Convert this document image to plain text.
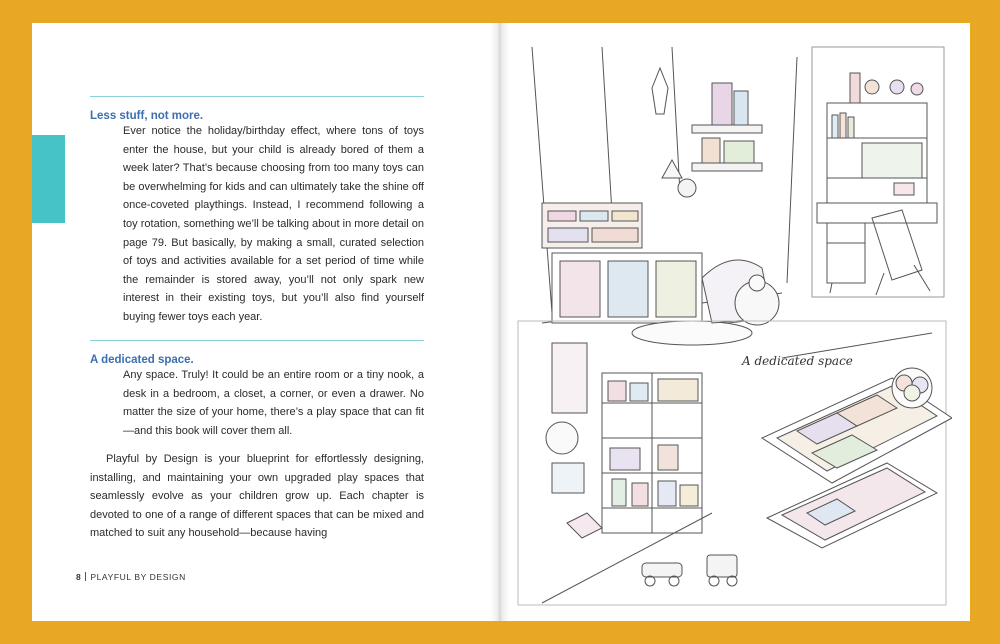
Less stuff, not more.

Ever notice the holiday/birthday effect, where tons of toys enter the house, but your child is already bored of them a week later? That’s because choosing from too many toys can be overwhelming for kids and can ultimately take the shine off once-coveted playthings. Instead, I recommend following a toy rotation, something we’ll be talking about in more detail on page 79. But basically, by making a small, curated selection of toys and activities available for a set period of time while the remainder is stored away, you’ll not only spark new interest in their existing toys, but you’ll also find yourself buying fewer toys each year.

A dedicated space.

Any space. Truly! It could be an entire room or a tiny nook, a desk in a bedroom, a closet, a corner, or even a drawer. No matter the size of your home, there’s a play space that can fit—and this book will cover them all.

Playful by Design is your blueprint for effortlessly designing, installing, and maintaining your own upgraded play spaces that seamlessly evolve as your children grow up. Each chapter is devoted to one of a range of different spaces that can be mixed and matched to suit any household—because having

8 PLAYFUL BY DESIGN
A dedicated space
